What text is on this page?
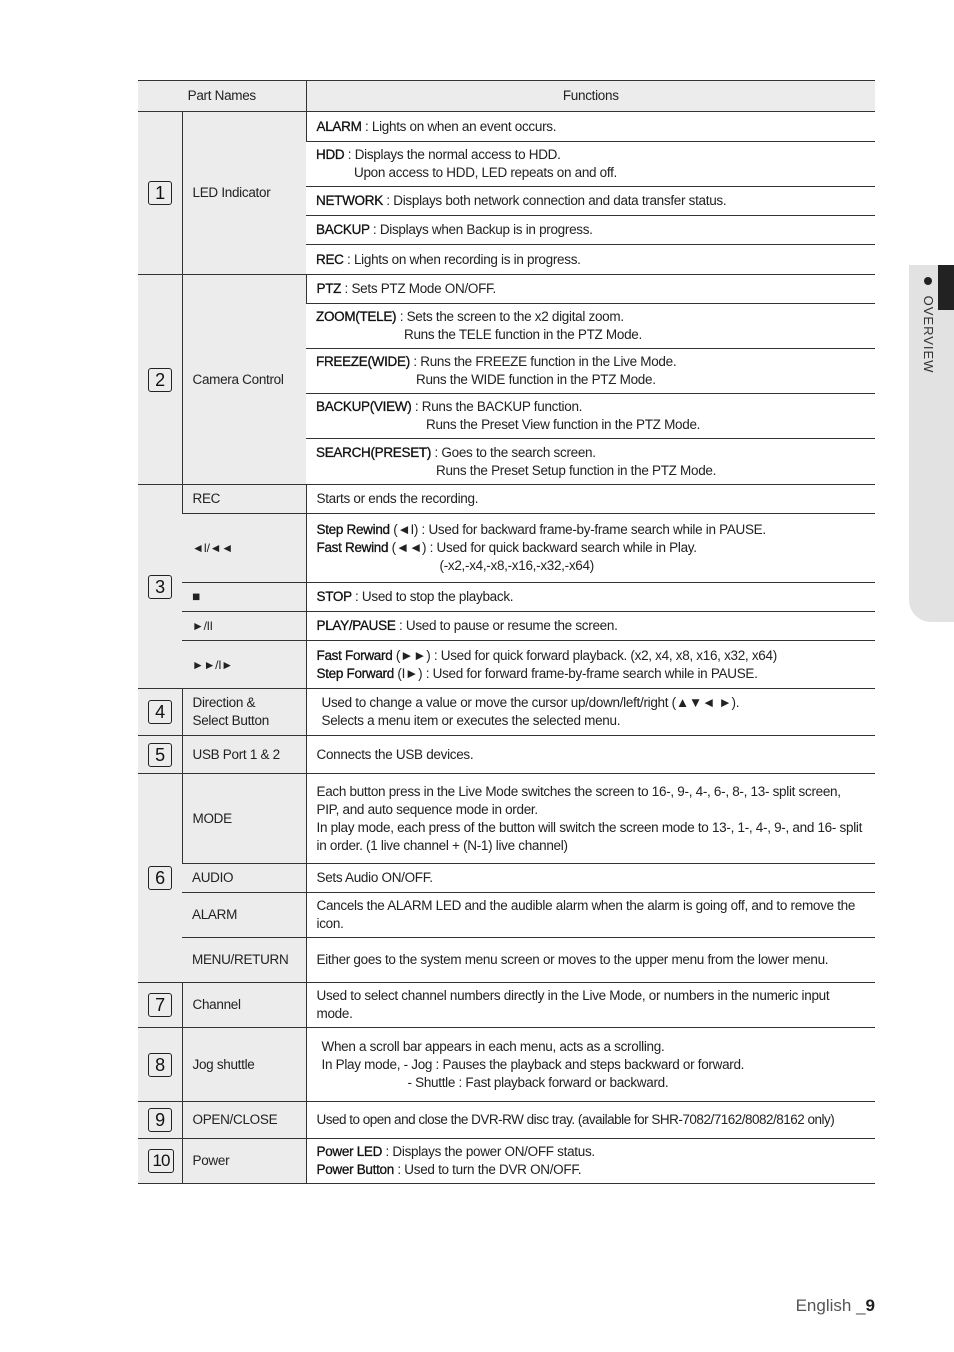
OVERVIEW
Part Names		Functions
1	LED Indicator	ALARM : Lights on when an event occurs.
		HDD : Displays the normal access to HDD.
Upon access to HDD, LED repeats on and off.

		NETWORK : Displays both network connection and data transfer status.
		BACKUP : Displays when Backup is in progress.
		REC : Lights on when recording is in progress.
2	Camera Control	PTZ : Sets PTZ Mode ON/OFF.
		ZOOM(TELE) : Sets the screen to the x2 digital zoom.
Runs the TELE function in the PTZ Mode.

		FREEZE(WIDE) : Runs the FREEZE function in the Live Mode.
Runs the WIDE function in the PTZ Mode.

		BACKUP(VIEW) : Runs the BACKUP function.
Runs the Preset View function in the PTZ Mode.

		SEARCH(PRESET) : Goes to the search screen.
Runs the Preset Setup function in the PTZ Mode.

3	REC	Starts or ends the recording.
	◄I/◄◄	Step Rewind (◄I) : Used for backward frame-by-frame search while in PAUSE.
Fast Rewind (◄◄) : Used for quick backward search while in Play.
(-x2,-x4,-x8,-x16,-x32,-x64)

	■	STOP : Used to stop the playback.
	►/II	PLAY/PAUSE : Used to pause or resume the screen.
	►►/I►	Fast Forward (►►) : Used for quick forward playback. (x2, x4, x8, x16, x32, x64)
Step Forward (I►) : Used for forward frame-by-frame search while in PAUSE.
4	Direction &
Select Button	Used to change a value or move the cursor up/down/left/right (▲▼◄ ►).
Selects a menu item or executes the selected menu.

5	USB Port 1 & 2	Connects the USB devices.
6	MODE	Each button press in the Live Mode switches the screen to 16-, 9-, 4-, 6-, 8-, 13- split screen, PIP, and auto sequence mode in order.
In play mode, each press of the button will switch the screen mode to 13-, 1-, 4-, 9-, and 16- split in order. (1 live channel + (N-1) live channel)

	AUDIO	Sets Audio ON/OFF.
	ALARM	Cancels the ALARM LED and the audible alarm when the alarm is going off, and to remove the icon.
	MENU/RETURN	Either goes to the system menu screen or moves to the upper menu from the lower menu.
7	Channel	Used to select channel numbers directly in the Live Mode, or numbers in the numeric input mode.
8	Jog shuttle	When a scroll bar appears in each menu, acts as a scrolling.
In Play mode, - Jog : Pauses the playback and steps backward or forward.
- Shuttle : Fast playback forward or backward.

9	OPEN/CLOSE	Used to open and close the DVR-RW disc tray. (available for SHR-7082/7162/8082/8162 only)
10	Power	Power LED : Displays the power ON/OFF status.
Power Button : Used to turn the DVR ON/OFF.
English _9
